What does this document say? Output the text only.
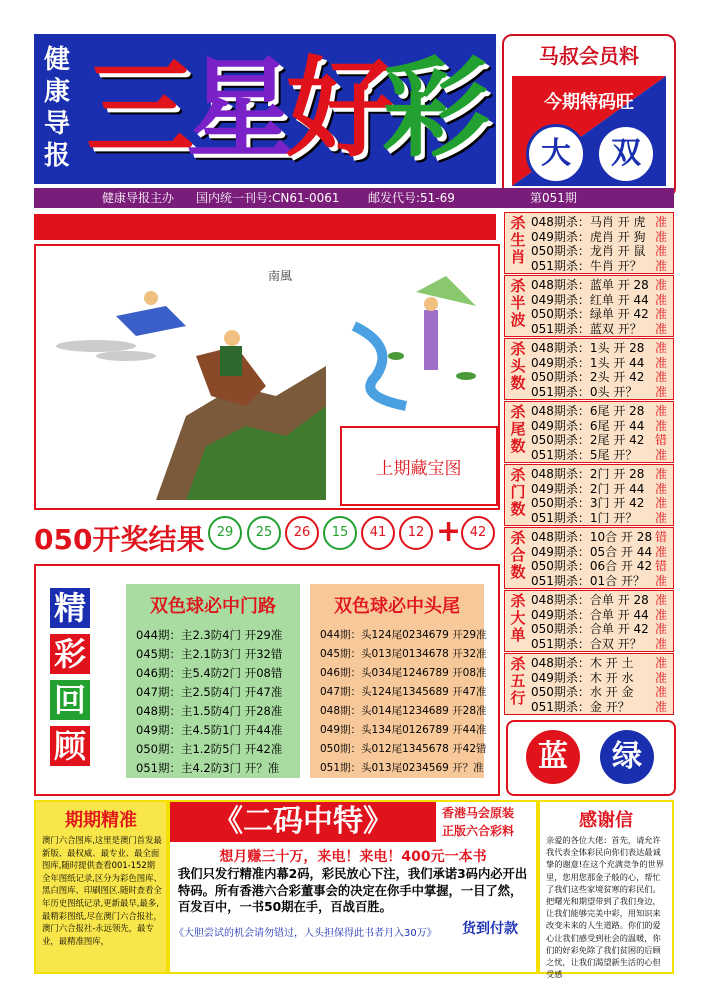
健
康
导
报 三
星
好
彩	马叔会员料
今期特码旺
大	双
健康导报主办 国内统一刊号:CN61-0061 邮发代号:51-69	第051期
南風
上期藏宝图
050开奖结果 29	25	26	15	41	12 + 42
精
彩
回
顾
双色球必中门路
044期：主2.3防4门 开29准
045期：主2.1防3门 开32错
046期：主5.4防2门 开08错
047期：主2.5防4门 开47准
048期：主1.5防4门 开28准
049期：主4.5防1门 开44准
050期：主1.2防5门 开42准
051期：主4.2防3门 开？准
双色球必中头尾
044期：头124尾0234679 开29准
045期：头013尾0134678 开32准
046期：头034尾1246789 开08准
047期：头124尾1345689 开47准
048期：头014尾1234689 开28准
049期：头134尾0126789 开44准
050期：头012尾1345678 开42错
051期：头013尾0234569 开？准
杀生肖
048期杀：马肖 开 虎 准
049期杀：虎肖 开 狗 准
050期杀：龙肖 开 鼠 准
051期杀：牛肖 开？ 准
杀半波
048期杀：蓝单 开 28 准
049期杀：红单 开 44 准
050期杀：绿单 开 42 准
051期杀：蓝双 开？ 准
杀头数
048期杀：1头 开 28 准
049期杀：1头 开 44 准
050期杀：2头 开 42 准
051期杀：0头 开？ 准
杀尾数
048期杀：6尾 开 28 准
049期杀：6尾 开 44 准
050期杀：2尾 开 42 错
051期杀：5尾 开？ 准
杀门数
048期杀：2门 开 28 准
049期杀：2门 开 44 准
050期杀：3门 开 42 准
051期杀：1门 开？ 准
杀合数
048期杀：10合 开 28 错
049期杀：05合 开 44 准
050期杀：06合 开 42 错
051期杀：01合 开？ 准
杀大单
048期杀：合单 开 28 准
049期杀：合单 开 44 准
050期杀：合单 开 42 准
051期杀：合双 开？ 准
杀五行
048期杀：木 开 土 准
049期杀：木 开 水 准
050期杀：水 开 金 准
051期杀：金 开？ 准
蓝	绿
期期精准
澳门六合图库,这里是澳门首发最新版、最权威、最专业、最全面图库,随时提供查看001-152期全年图纸记录,区分为彩色图库、黑白图库、印刷图区.随时查看全年历史图纸记录,更新最早,最多,最精彩图纸,尽在澳门六合报社，澳门六合报社-永远领先，最专业，最精准图库，
《二码中特》	香港马会原装
正版六合彩料
想月赚三十万，来电！来电！400元一本书
我们只发行精准内幕2码，彩民放心下注，我们承诺3码内必开出特码。所有香港六合彩董事会的决定在你手中掌握，一目了然，百发百中，一书50期在手，百战百胜。
《大胆尝试的机会请勿错过，人头担保得此书者月入30万》 货到付款
感谢信
亲爱的各位大佬：首先，请允许我代表全体彩民向你们表达最诚挚的谢意!在这个充满竞争的世界里，您用您那金子般的心，帮忙了我们这些家境贫寒的彩民们。把曙光和期望带到了我们身边，让我们能够完美中彩，用知识来改变未来的人生道路。你们的爱心让我们感受到社会的温暖，你们的好彩免除了我们贫困的后顾之忧，让我们渴望新生活的心但受感
